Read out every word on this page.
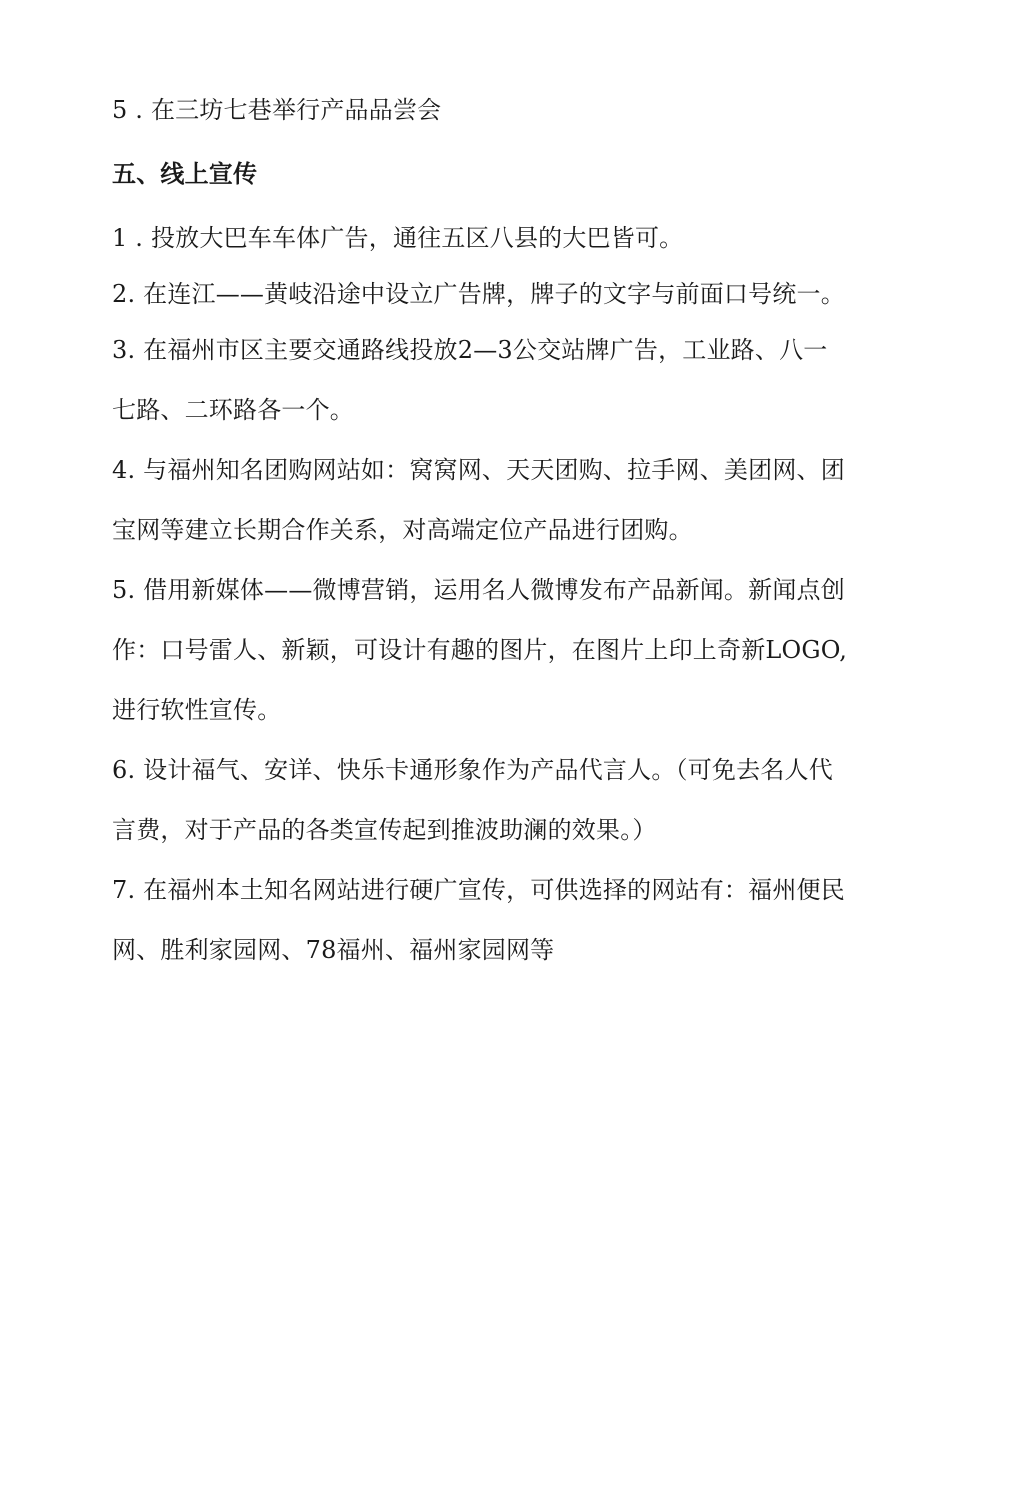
5 . 在三坊七巷举行产品品尝会
五、线上宣传
1 . 投放大巴车车体广告，通往五区八县的大巴皆可。
2. 在连江——黄岐沿途中设立广告牌，牌子的文字与前面口号统一。
3. 在福州市区主要交通路线投放2—3公交站牌广告，工业路、八一
七路、二环路各一个。
4. 与福州知名团购网站如：窝窝网、天天团购、拉手网、美团网、团
宝网等建立长期合作关系，对高端定位产品进行团购。
5. 借用新媒体——微博营销，运用名人微博发布产品新闻。新闻点创
作：口号雷人、新颖，可设计有趣的图片，在图片上印上奇新LOGO,
进行软性宣传。
6. 设计福气、安详、快乐卡通形象作为产品代言人。（可免去名人代
言费，对于产品的各类宣传起到推波助澜的效果。）
7. 在福州本土知名网站进行硬广宣传，可供选择的网站有：福州便民
网、胜利家园网、78福州、福州家园网等
